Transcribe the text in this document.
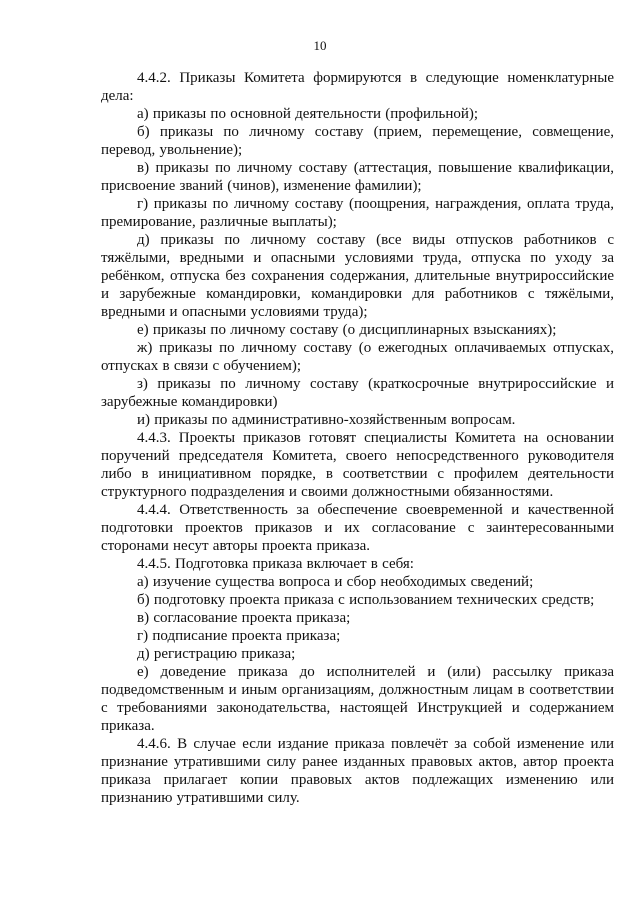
10

4.4.2. Приказы Комитета формируются в следующие номенклатурные дела:

а) приказы по основной деятельности (профильной);

б) приказы по личному составу (прием, перемещение, совмещение, перевод, увольнение);

в) приказы по личному составу (аттестация, повышение квалификации, присвоение званий (чинов), изменение фамилии);

г) приказы по личному составу (поощрения, награждения, оплата труда, премирование, различные выплаты);

д) приказы по личному составу (все виды отпусков работников с тяжёлыми, вредными и опасными условиями труда, отпуска по уходу за ребёнком, отпуска без сохранения содержания, длительные внутрироссийские и зарубежные командировки, командировки для работников с тяжёлыми, вредными и опасными условиями труда);

е) приказы по личному составу (о дисциплинарных взысканиях);

ж) приказы по личному составу (о ежегодных оплачиваемых отпусках, отпусках в связи с обучением);

з) приказы по личному составу (краткосрочные внутрироссийские и зарубежные командировки)

и) приказы по административно-хозяйственным вопросам.

4.4.3. Проекты приказов готовят специалисты Комитета на основании поручений председателя Комитета, своего непосредственного руководителя либо в инициативном порядке, в соответствии с профилем деятельности структурного подразделения и своими должностными обязанностями.

4.4.4. Ответственность за обеспечение своевременной и качественной подготовки проектов приказов и их согласование с заинтересованными сторонами несут авторы проекта приказа.

4.4.5. Подготовка приказа включает в себя:

а) изучение существа вопроса и сбор необходимых сведений;

б) подготовку проекта приказа с использованием технических средств;

в) согласование проекта приказа;

г) подписание проекта приказа;

д) регистрацию приказа;

е) доведение приказа до исполнителей и (или) рассылку приказа подведомственным и иным организациям, должностным лицам в соответствии с требованиями законодательства, настоящей Инструкцией и содержанием приказа.

4.4.6. В случае если издание приказа повлечёт за собой изменение или признание утратившими силу ранее изданных правовых актов, автор проекта приказа прилагает копии правовых актов подлежащих изменению или признанию утратившими силу.
